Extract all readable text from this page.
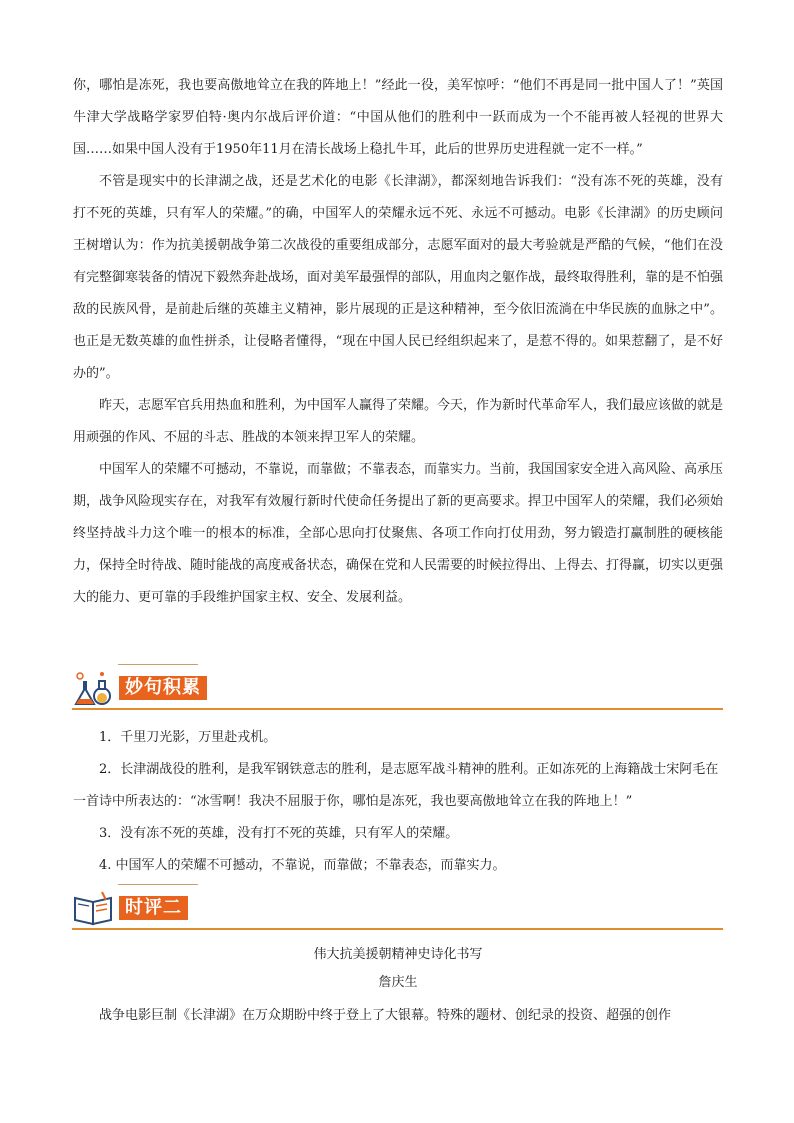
你，哪怕是冻死，我也要高傲地耸立在我的阵地上！”经此一役，美军惊呼：“他们不再是同一批中国人了！”英国牛津大学战略学家罗伯特·奥内尔战后评价道：“中国从他们的胜利中一跃而成为一个不能再被人轻视的世界大国……如果中国人没有于1950年11月在清长战场上稳扎牛耳，此后的世界历史进程就一定不一样。”

不管是现实中的长津湖之战，还是艺术化的电影《长津湖》，都深刻地告诉我们：“没有冻不死的英雄，没有打不死的英雄，只有军人的荣耀。”的确，中国军人的荣耀永远不死、永远不可撼动。电影《长津湖》的历史顾问王树增认为：作为抗美援朝战争第二次战役的重要组成部分，志愿军面对的最大考验就是严酷的气候，“他们在没有完整御寒装备的情况下毅然奔赴战场，面对美军最强悍的部队，用血肉之躯作战，最终取得胜利，靠的是不怕强敌的民族风骨，是前赴后继的英雄主义精神，影片展现的正是这种精神，至今依旧流淌在中华民族的血脉之中”。也正是无数英雄的血性拼杀，让侵略者懂得，“现在中国人民已经组织起来了，是惹不得的。如果惹翻了，是不好办的”。

昨天，志愿军官兵用热血和胜利，为中国军人赢得了荣耀。今天，作为新时代革命军人，我们最应该做的就是用顽强的作风、不屈的斗志、胜战的本领来捍卫军人的荣耀。

中国军人的荣耀不可撼动，不靠说，而靠做；不靠表态，而靠实力。当前，我国国家安全进入高风险、高承压期，战争风险现实存在，对我军有效履行新时代使命任务提出了新的更高要求。捍卫中国军人的荣耀，我们必须始终坚持战斗力这个唯一的根本的标准，全部心思向打仗聚焦、各项工作向打仗用劲，努力锻造打赢制胜的硬核能力，保持全时待战、随时能战的高度戒备状态，确保在党和人民需要的时候拉得出、上得去、打得赢，切实以更强大的能力、更可靠的手段维护国家主权、安全、发展利益。

妙句积累

1．千里刀光影，万里赴戎机。

2．长津湖战役的胜利，是我军钢铁意志的胜利，是志愿军战斗精神的胜利。正如冻死的上海籍战士宋阿毛在一首诗中所表达的：“冰雪啊！我决不屈服于你，哪怕是冻死，我也要高傲地耸立在我的阵地上！”

3．没有冻不死的英雄，没有打不死的英雄，只有军人的荣耀。

4. 中国军人的荣耀不可撼动，不靠说，而靠做；不靠表态，而靠实力。

时评二
伟大抗美援朝精神史诗化书写
詹庆生

战争电影巨制《长津湖》在万众期盼中终于登上了大银幕。特殊的题材、创纪录的投资、超强的创作
